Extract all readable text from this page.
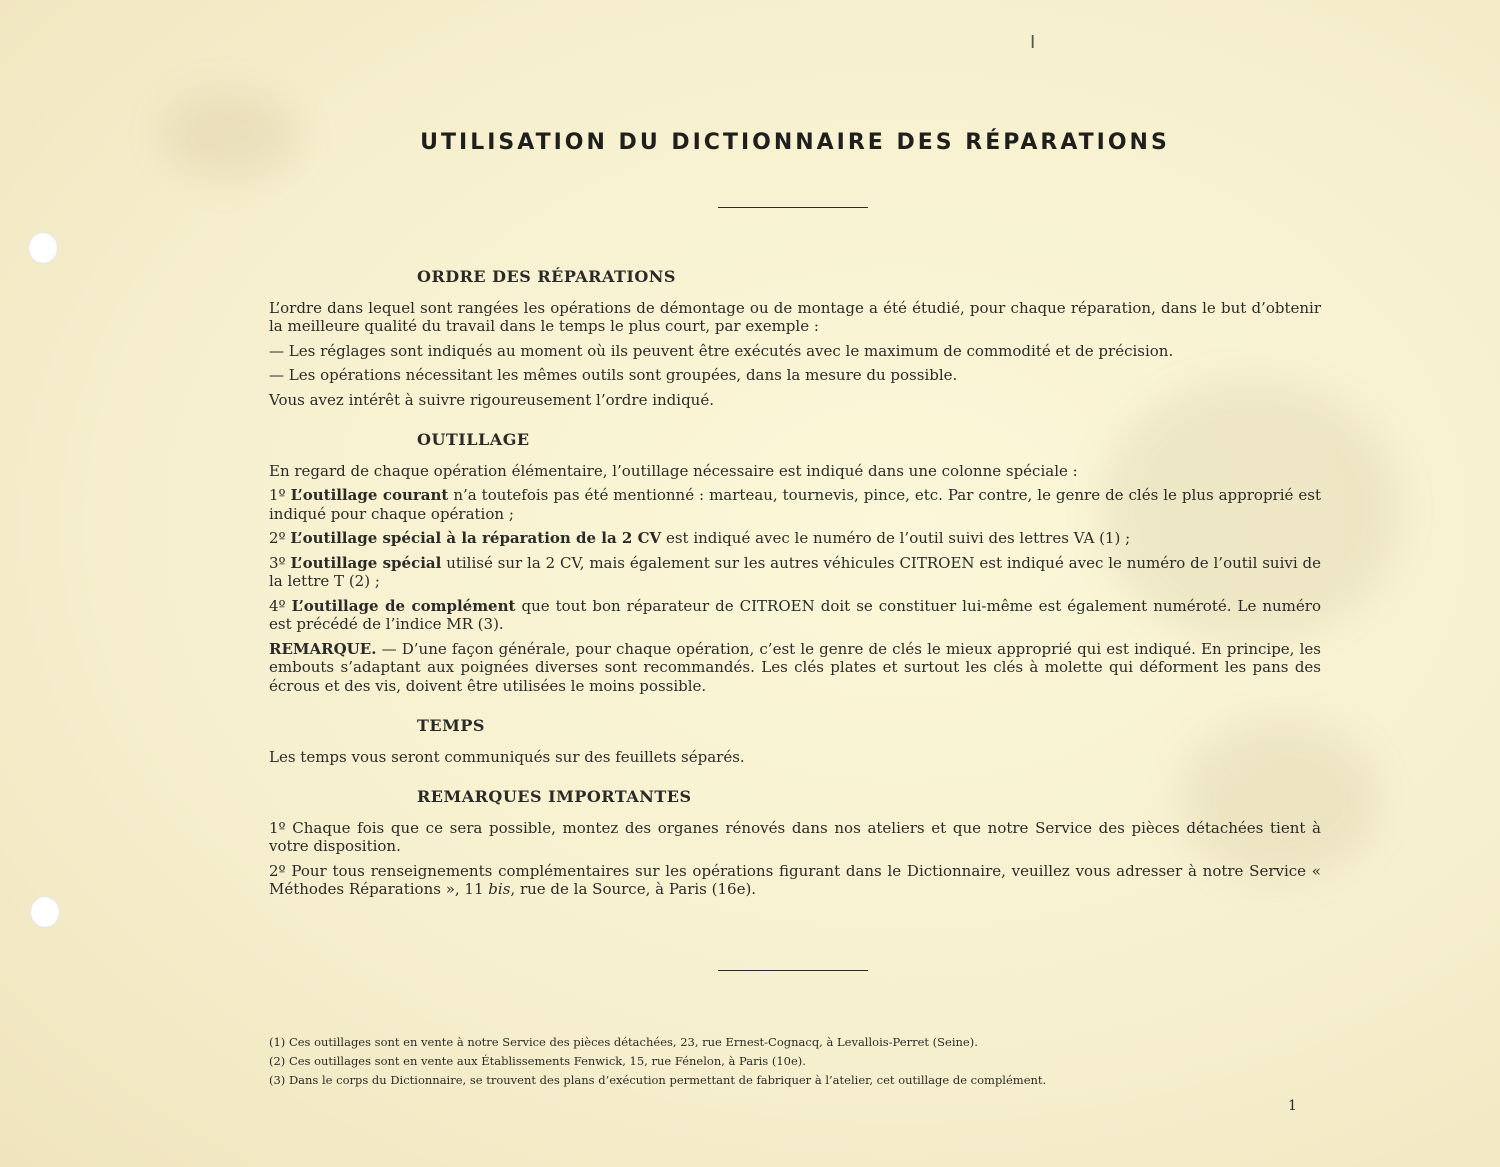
ⵏ
UTILISATION DU DICTIONNAIRE DES RÉPARATIONS
ORDRE DES RÉPARATIONS

L’ordre dans lequel sont rangées les opérations de démontage ou de montage a été étudié, pour chaque réparation, dans le but d’obtenir la meilleure qualité du travail dans le temps le plus court, par exemple :

— Les réglages sont indiqués au moment où ils peuvent être exécutés avec le maximum de commodité et de précision.

— Les opérations nécessitant les mêmes outils sont groupées, dans la mesure du possible.

Vous avez intérêt à suivre rigoureusement l’ordre indiqué.

OUTILLAGE

En regard de chaque opération élémentaire, l’outillage nécessaire est indiqué dans une colonne spéciale :

1º L’outillage courant n’a toutefois pas été mentionné : marteau, tournevis, pince, etc. Par contre, le genre de clés le plus approprié est indiqué pour chaque opération ;

2º L’outillage spécial à la réparation de la 2 CV est indiqué avec le numéro de l’outil suivi des lettres VA (1) ;

3º L’outillage spécial utilisé sur la 2 CV, mais également sur les autres véhicules CITROEN est indiqué avec le numéro de l’outil suivi de la lettre T (2) ;

4º L’outillage de complément que tout bon réparateur de CITROEN doit se constituer lui-même est également numéroté. Le numéro est précédé de l’indice MR (3).

REMARQUE. — D’une façon générale, pour chaque opération, c’est le genre de clés le mieux approprié qui est indiqué. En principe, les embouts s’adaptant aux poignées diverses sont recommandés. Les clés plates et surtout les clés à molette qui déforment les pans des écrous et des vis, doivent être utilisées le moins possible.

TEMPS

Les temps vous seront communiqués sur des feuillets séparés.

REMARQUES IMPORTANTES

1º Chaque fois que ce sera possible, montez des organes rénovés dans nos ateliers et que notre Service des pièces détachées tient à votre disposition.

2º Pour tous renseignements complémentaires sur les opérations figurant dans le Dictionnaire, veuillez vous adresser à notre Service « Méthodes Réparations », 11 bis, rue de la Source, à Paris (16e).

(1) Ces outillages sont en vente à notre Service des pièces détachées, 23, rue Ernest-Cognacq, à Levallois-Perret (Seine).

(2) Ces outillages sont en vente aux Établissements Fenwick, 15, rue Fénelon, à Paris (10e).

(3) Dans le corps du Dictionnaire, se trouvent des plans d’exécution permettant de fabriquer à l’atelier, cet outillage de complément.

1
